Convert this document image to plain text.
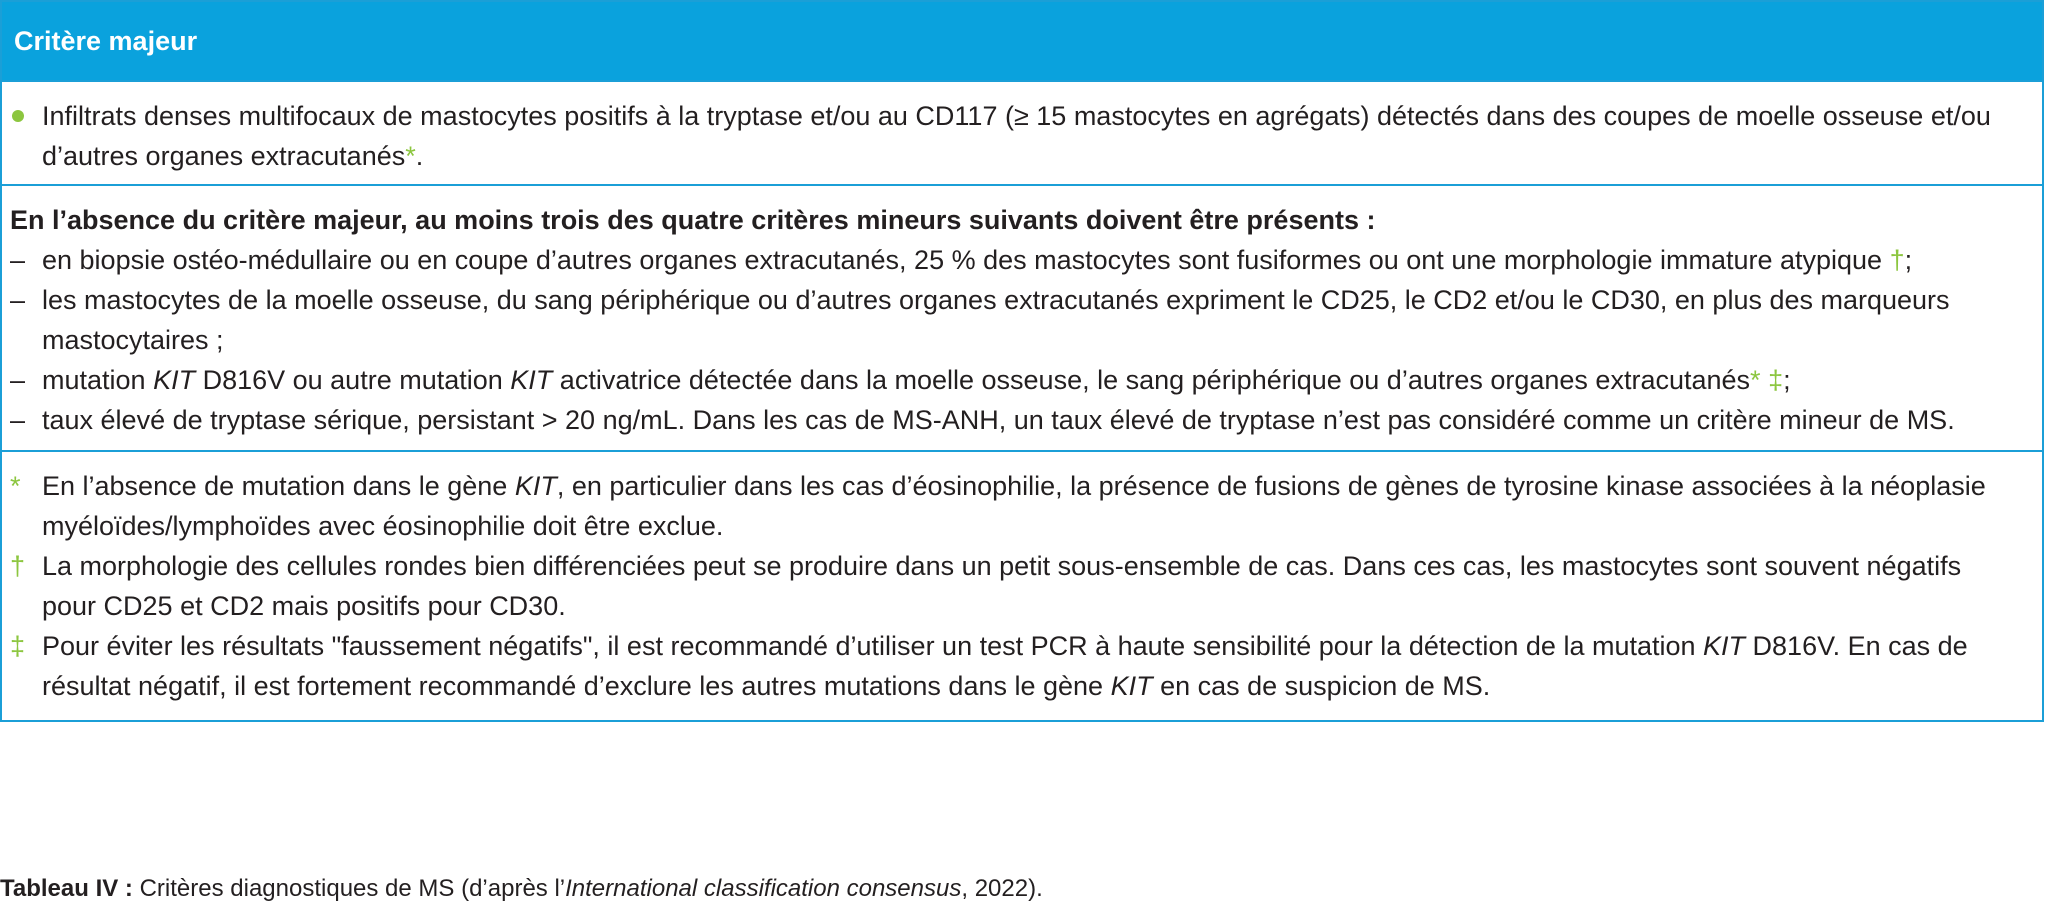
Critère majeur
Infiltrats denses multifocaux de mastocytes positifs à la tryptase et/ou au CD117 (≥ 15 mastocytes en agrégats) détectés dans des coupes de moelle osseuse et/ou d’autres organes extracutanés*.
En l’absence du critère majeur, au moins trois des quatre critères mineurs suivants doivent être présents :
– en biopsie ostéo-médullaire ou en coupe d’autres organes extracutanés, 25 % des mastocytes sont fusiformes ou ont une morphologie immature atypique †;
– les mastocytes de la moelle osseuse, du sang périphérique ou d’autres organes extracutanés expriment le CD25, le CD2 et/ou le CD30, en plus des marqueurs mastocytaires ;
– mutation KIT D816V ou autre mutation KIT activatrice détectée dans la moelle osseuse, le sang périphérique ou d’autres organes extracutanés* ‡;
– taux élevé de tryptase sérique, persistant > 20 ng/mL. Dans les cas de MS-ANH, un taux élevé de tryptase n’est pas considéré comme un critère mineur de MS.
* En l’absence de mutation dans le gène KIT, en particulier dans les cas d’éosinophilie, la présence de fusions de gènes de tyrosine kinase associées à la néoplasie myéloïdes/lymphoïdes avec éosinophilie doit être exclue.
† La morphologie des cellules rondes bien différenciées peut se produire dans un petit sous-ensemble de cas. Dans ces cas, les mastocytes sont souvent négatifs pour CD25 et CD2 mais positifs pour CD30.
‡ Pour éviter les résultats "faussement négatifs", il est recommandé d’utiliser un test PCR à haute sensibilité pour la détection de la mutation KIT D816V. En cas de résultat négatif, il est fortement recommandé d’exclure les autres mutations dans le gène KIT en cas de suspicion de MS.
Tableau IV : Critères diagnostiques de MS (d’après l’International classification consensus, 2022).
